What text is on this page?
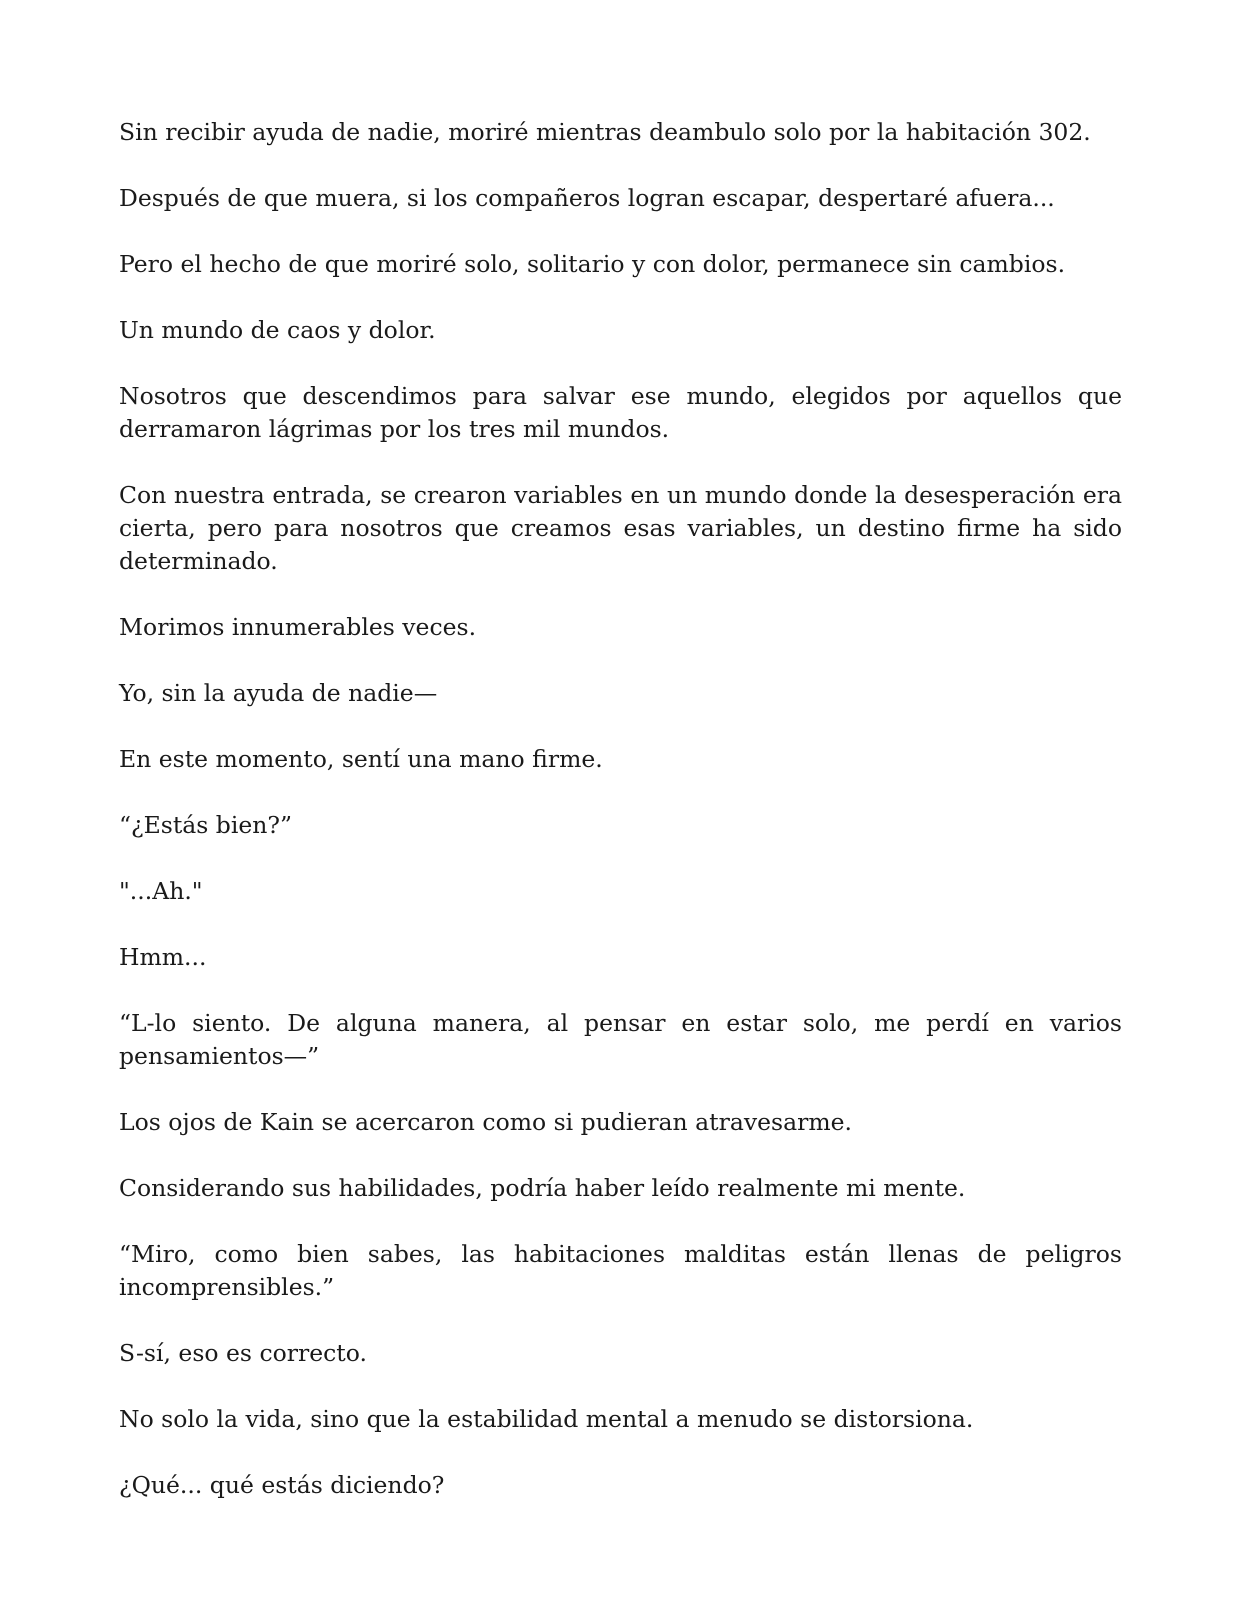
Sin recibir ayuda de nadie, moriré mientras deambulo solo por la habitación 302.

Después de que muera, si los compañeros logran escapar, despertaré afuera...

Pero el hecho de que moriré solo, solitario y con dolor, permanece sin cambios.

Un mundo de caos y dolor.

Nosotros que descendimos para salvar ese mundo, elegidos por aquellos que derramaron lágrimas por los tres mil mundos.

Con nuestra entrada, se crearon variables en un mundo donde la desesperación era cierta, pero para nosotros que creamos esas variables, un destino firme ha sido determinado.

Morimos innumerables veces.

Yo, sin la ayuda de nadie—

En este momento, sentí una mano firme.

“¿Estás bien?”

"...Ah."

Hmm...

“L-lo siento. De alguna manera, al pensar en estar solo, me perdí en varios pensamientos—”

Los ojos de Kain se acercaron como si pudieran atravesarme.

Considerando sus habilidades, podría haber leído realmente mi mente.

“Miro, como bien sabes, las habitaciones malditas están llenas de peligros incomprensibles.”

S-sí, eso es correcto.

No solo la vida, sino que la estabilidad mental a menudo se distorsiona.

¿Qué... qué estás diciendo?
